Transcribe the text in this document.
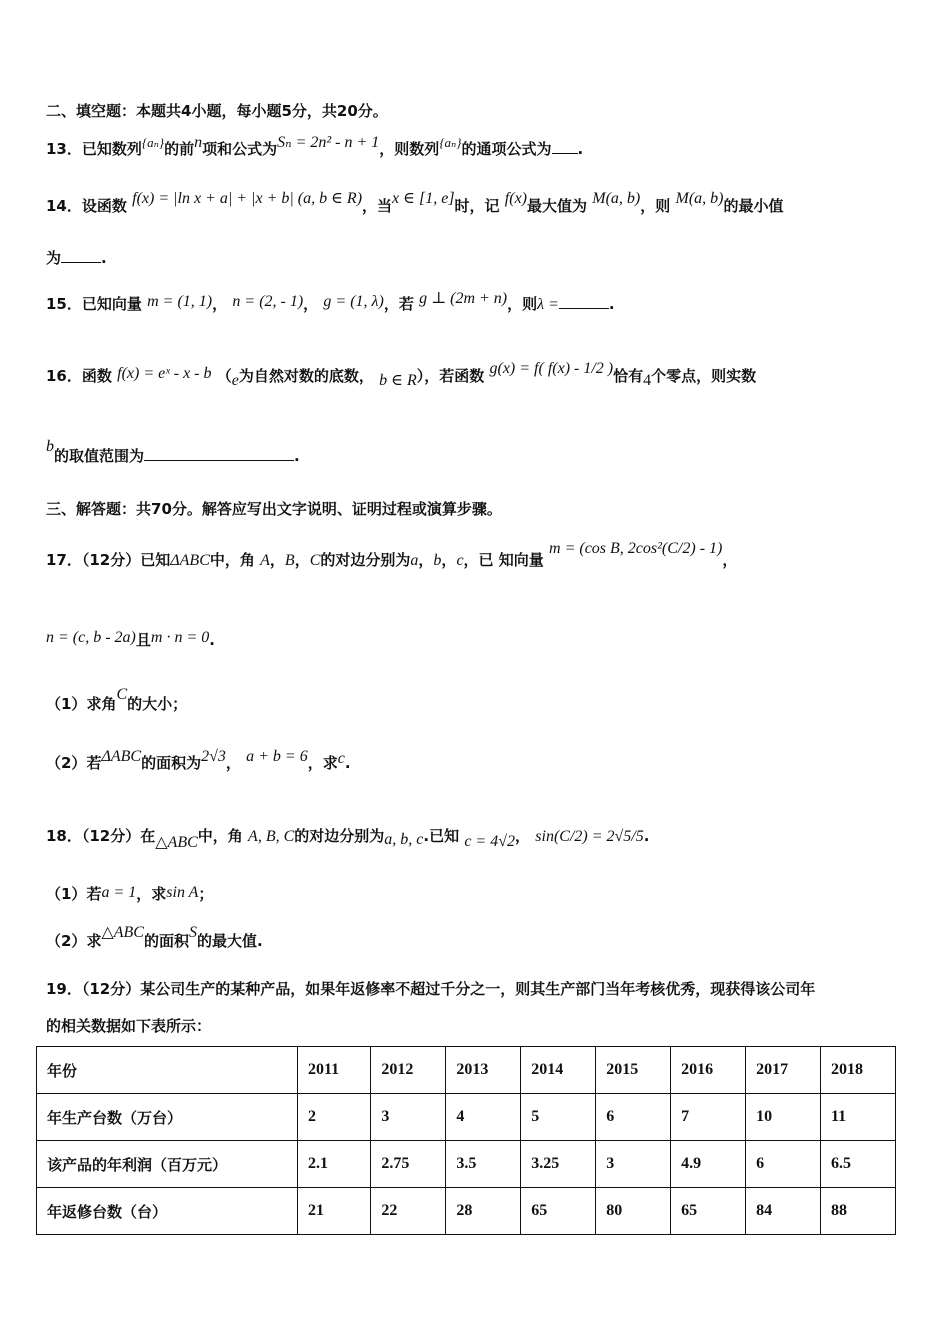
二、填空题：本题共4小题，每小题5分，共20分。
13．已知数列{aₙ}的前n项和公式为Sₙ = 2n² - n + 1，则数列{aₙ}的通项公式为 .
14．设函数 f(x) = |ln x + a| + |x + b| (a, b ∈ R)，当x ∈ [1, e]时，记 f(x)最大值为 M(a, b)，则 M(a, b)的最小值
为	.
15．已知向量 m = (1, 1)， n = (2, - 1)， g = (1, λ)，若 g ⊥ (2m + n)，则λ =	.
16．函数 f(x) = eˣ - x - b （e为自然对数的底数， b ∈ R），若函数 g(x) = f( f(x) - 1/2 )恰有4个零点，则实数
b的取值范围为	.
三、解答题：共70分。解答应写出文字说明、证明过程或演算步骤。
17．（12分）已知ΔABC中，角 A，B，C的对边分别为a，b，c，已 知向量 m = (cos B, 2cos²(C/2) - 1)，
n = (c, b - 2a)且m · n = 0.
（1）求角C的大小；
（2）若ΔABC的面积为2√3， a + b = 6，求c.
18．（12分）在△ABC中，角 A, B, C的对边分别为a, b, c.已知 c = 4√2， sin(C/2) = 2√5/5.
（1）若a = 1，求sin A；
（2）求△ABC的面积S的最大值.
19．（12分）某公司生产的某种产品，如果年返修率不超过千分之一，则其生产部门当年考核优秀，现获得该公司年
的相关数据如下表所示：
年份	2011	2012	2013	2014	2015	2016	2017	2018
年生产台数（万台）	2	3	4	5	6	7	10	11
该产品的年利润（百万元）	2.1	2.75	3.5	3.25	3	4.9	6	6.5
年返修台数（台）	21	22	28	65	80	65	84	88
